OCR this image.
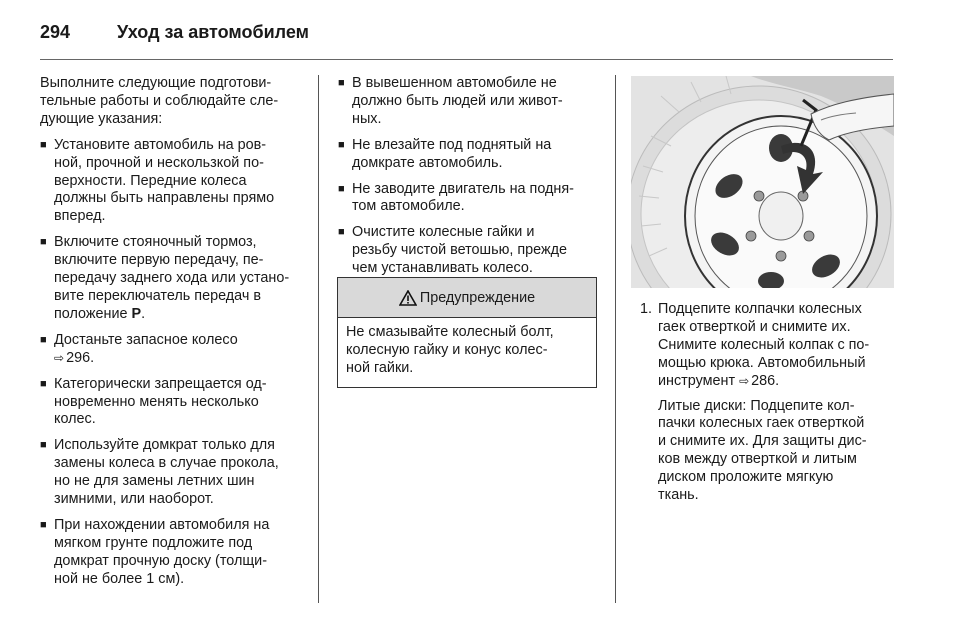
294	Уход за автомобилем

Выполните следующие подготови-
тельные работы и соблюдайте сле-
дующие указания:

■ Установите автомобиль на ров-
ной, прочной и нескользкой по-
верхности. Передние колеса
должны быть направлены прямо
вперед.
■ Включите стояночный тормоз,
включите первую передачу, пе-
передачу заднего хода или устано-
вите переключатель передач в
положение P.
■ Достаньте запасное колесо
⇨ 296.
■ Категорически запрещается од-
новременно менять несколько
колес.
■ Используйте домкрат только для
замены колеса в случае прокола,
но не для замены летних шин
зимними, или наоборот.
■ При нахождении автомобиля на
мягком грунте подложите под
домкрат прочную доску (толщи-
ной не более 1 см).
■ В вывешенном автомобиле не
должно быть людей или живот-
ных.
■ Не влезайте под поднятый на
домкрате автомобиль.
■ Не заводите двигатель на подня-
том автомобиле.
■ Очистите колесные гайки и
резьбу чистой ветошью, прежде
чем устанавливать колесо.
Предупреждение
Не смазывайте колесный болт,
колесную гайку и конус колес-
ной гайки.
1. Подцепите колпачки колесных
гаек отверткой и снимите их.
Снимите колесный колпак с по-
мощью крюка. Автомобильный
инструмент ⇨ 286.
Литые диски: Подцепите кол-
пачки колесных гаек отверткой
и снимите их. Для защиты дис-
ков между отверткой и литым
диском проложите мягкую
ткань.
